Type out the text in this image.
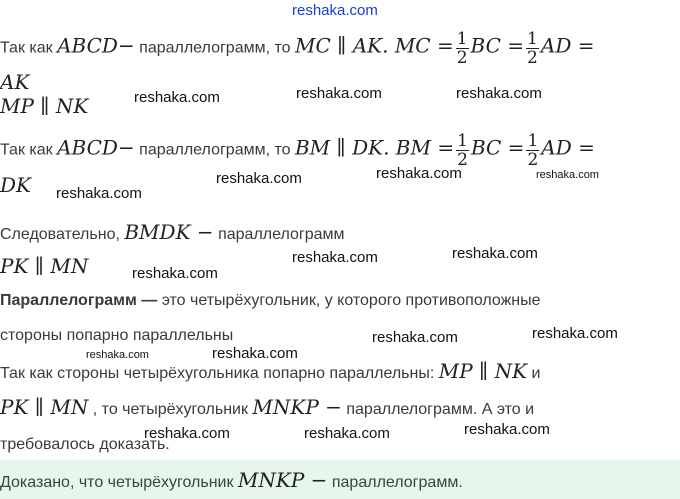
reshaka.com
Так как ABCD− параллелограмм, то MC ∥ AK. MC = $\frac{1}{2}$ BC = $\frac{1}{2}$ AD =
AK
MP ∥ NK
Так как ABCD− параллелограмм, то BM ∥ DK. BM = $\frac{1}{2}$ BC = $\frac{1}{2}$ AD =
DK
Следовательно, BMDK − параллелограмм
PK ∥ MN
Параллелограмм — это четырёхугольник, у которого противоположные
стороны попарно параллельны
Так как стороны четырёхугольника попарно параллельны: MP ∥ NK и
PK ∥ MN , то четырёхугольник MNKP − параллелограмм. А это и
требовалось доказать.
Доказано, что четырёхугольник MNKP − параллелограмм.
reshaka.com	reshaka.com	reshaka.com
reshaka.com
reshaka.com	reshaka.com	reshaka.com
reshaka.com	reshaka.com
reshaka.com
reshaka.com	reshaka.com
reshaka.com	reshaka.com
reshaka.com	reshaka.com	reshaka.com
